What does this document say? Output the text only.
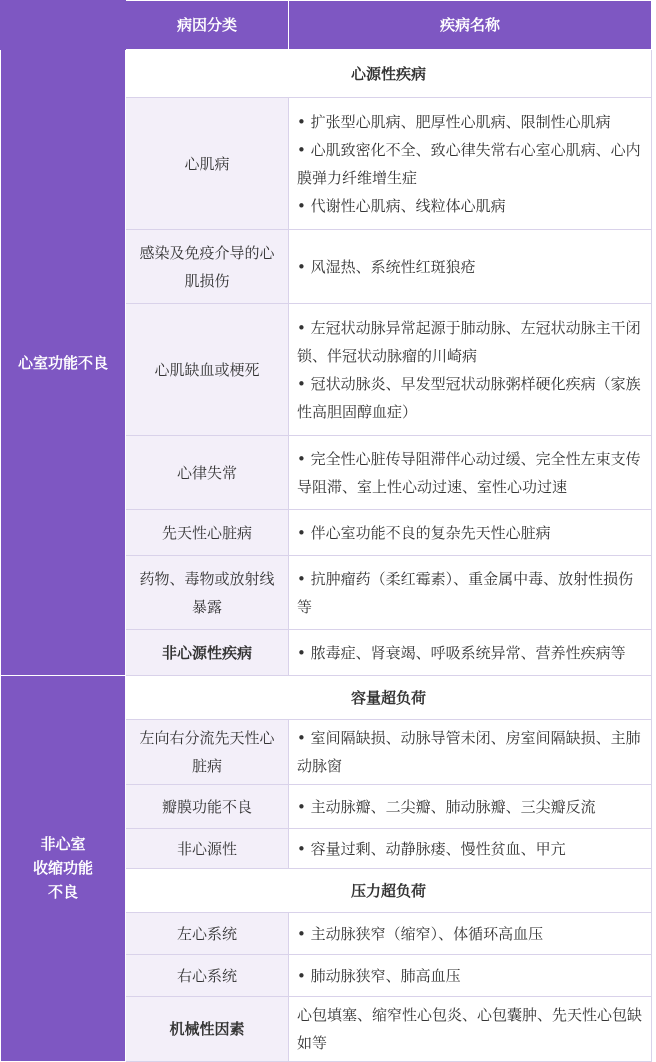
	病因分类	疾病名称
心室功能不良	心源性疾病	
	心肌病	• 扩张型心肌病、肥厚性心肌病、限制性心肌病
• 心肌致密化不全、致心律失常右心室心肌病、心内膜弹力纤维增生症
• 代谢性心肌病、线粒体心肌病

	感染及免疫介导的心肌损伤	• 风湿热、系统性红斑狼疮

	心肌缺血或梗死	• 左冠状动脉异常起源于肺动脉、左冠状动脉主干闭锁、伴冠状动脉瘤的川崎病
• 冠状动脉炎、早发型冠状动脉粥样硬化疾病（家族性高胆固醇血症）

	心律失常	• 完全性心脏传导阻滞伴心动过缓、完全性左束支传导阻滞、室上性心动过速、室性心功过速

	先天性心脏病	• 伴心室功能不良的复杂先天性心脏病

	药物、毒物或放射线暴露	• 抗肿瘤药（柔红霉素）、重金属中毒、放射性损伤等

	非心源性疾病	• 脓毒症、肾衰竭、呼吸系统异常、营养性疾病等

非心室
收缩功能
不良	容量超负荷	
	左向右分流先天性心脏病	• 室间隔缺损、动脉导管未闭、房室间隔缺损、主肺动脉窗

	瓣膜功能不良	• 主动脉瓣、二尖瓣、肺动脉瓣、三尖瓣反流

	非心源性	• 容量过剩、动静脉瘘、慢性贫血、甲亢

	压力超负荷	
	左心系统	• 主动脉狭窄（缩窄）、体循环高血压

	右心系统	• 肺动脉狭窄、肺高血压

	机械性因素	心包填塞、缩窄性心包炎、心包囊肿、先天性心包缺如等
